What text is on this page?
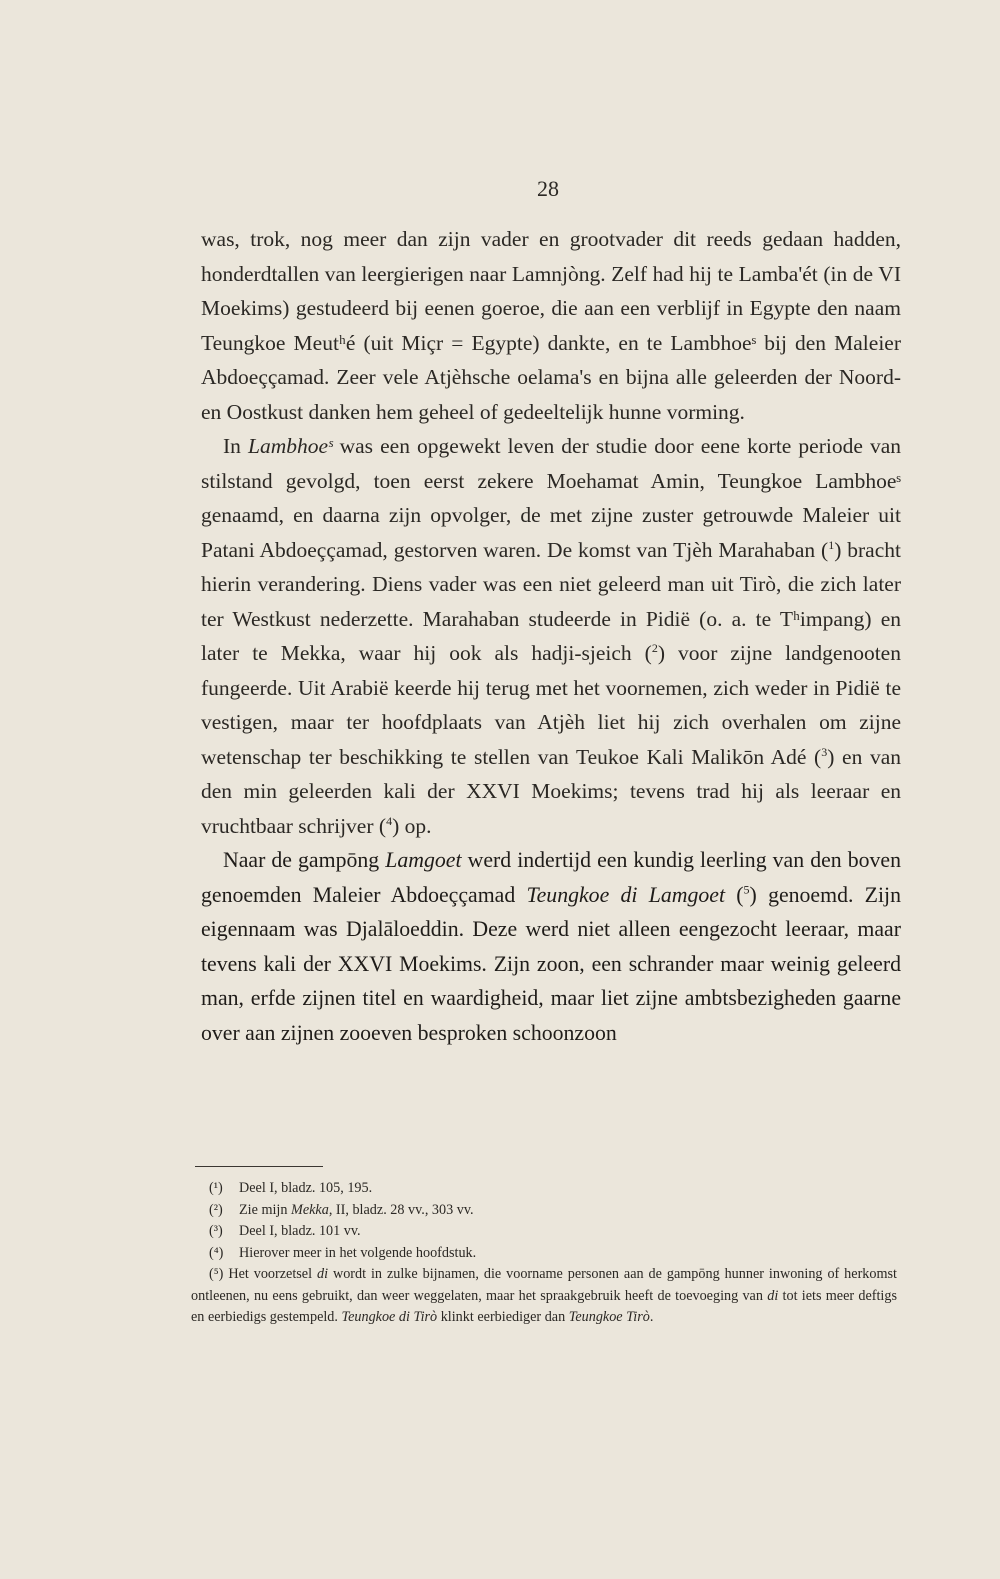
28

was, trok, nog meer dan zijn vader en grootvader dit reeds gedaan hadden, honderdtallen van leergierigen naar Lamnjòng. Zelf had hij te Lamba'ét (in de VI Moekims) gestudeerd bij eenen goeroe, die aan een verblijf in Egypte den naam Teungkoe Meutʰé (uit Miçr = Egypte) dankte, en te Lambhoeˢ bij den Maleier Abdoeççamad. Zeer vele Atjèhsche oelama's en bijna alle geleerden der Noord- en Oostkust danken hem geheel of gedeeltelijk hunne vorming.

In Lambhoeˢ was een opgewekt leven der studie door eene korte periode van stilstand gevolgd, toen eerst zekere Moehamat Amin, Teungkoe Lambhoeˢ genaamd, en daarna zijn opvolger, de met zijne zuster getrouwde Maleier uit Patani Abdoeççamad, gestorven waren. De komst van Tjèh Marahaban ($^1$) bracht hierin verandering. Diens vader was een niet geleerd man uit Tirò, die zich later ter Westkust nederzette. Marahaban studeerde in Pidië (o. a. te Tʰimpang) en later te Mekka, waar hij ook als hadji-sjeich ($^2$) voor zijne landgenooten fungeerde. Uit Arabië keerde hij terug met het voornemen, zich weder in Pidië te vestigen, maar ter hoofdplaats van Atjèh liet hij zich overhalen om zijne wetenschap ter beschikking te stellen van Teukoe Kali Malikōn Adé ($^3$) en van den min geleerden kali der XXVI Moekims; tevens trad hij als leeraar en vruchtbaar schrijver ($^4$) op.

Naar de gampōng Lamgoet werd indertijd een kundig leerling van den boven genoemden Maleier Abdoeççamad Teungkoe di Lamgoet ($^5$) genoemd. Zijn eigennaam was Djalāloeddin. Deze werd niet alleen eengezocht leeraar, maar tevens kali der XXVI Moekims. Zijn zoon, een schrander maar weinig geleerd man, erfde zijnen titel en waardigheid, maar liet zijne ambtsbezigheden gaarne over aan zijnen zooeven besproken schoonzoon

(¹) Deel I, bladz. 105, 195.

(²) Zie mijn Mekka, II, bladz. 28 vv., 303 vv.

(³) Deel I, bladz. 101 vv.

(⁴) Hierover meer in het volgende hoofdstuk.

(⁵) Het voorzetsel di wordt in zulke bijnamen, die voorname personen aan de gampōng hunner inwoning of herkomst ontleenen, nu eens gebruikt, dan weer weggelaten, maar het spraakgebruik heeft de toevoeging van di tot iets meer deftigs en eerbiedigs gestempeld. Teungkoe di Tirò klinkt eerbiediger dan Teungkoe Tirò.
